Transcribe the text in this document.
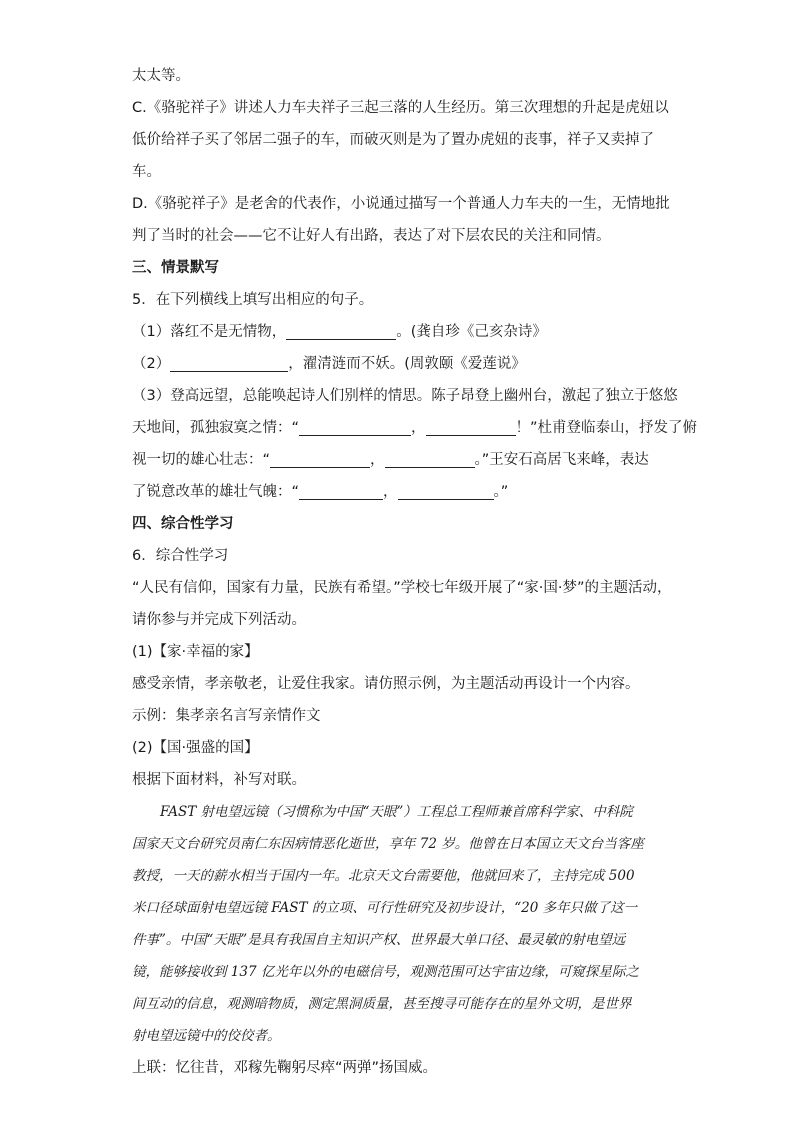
太太等。
C.《骆驼祥子》讲述人力车夫祥子三起三落的人生经历。第三次理想的升起是虎妞以
低价给祥子买了邻居二强子的车，而破灭则是为了置办虎妞的丧事，祥子又卖掉了
车。
D.《骆驼祥子》是老舍的代表作，小说通过描写一个普通人力车夫的一生，无情地批
判了当时的社会——它不让好人有出路，表达了对下层农民的关注和同情。
三、情景默写
5．在下列横线上填写出相应的句子。
（1）落红不是无情物，	。(龚自珍《己亥杂诗》
（2）	，濯清涟而不妖。(周敦颐《爱莲说》
（3）登高远望，总能唤起诗人们别样的情思。陈子昂登上幽州台，激起了独立于悠悠
天地间，孤独寂寞之情：“	，	！”杜甫登临泰山，抒发了俯
视一切的雄心壮志：“	，	。”王安石高居飞来峰，表达
了锐意改革的雄壮气魄：“	，	。”
四、综合性学习
6．综合性学习
“人民有信仰，国家有力量，民族有希望。”学校七年级开展了“家·国·梦”的主题活动，
请你参与并完成下列活动。
(1)【家·幸福的家】
感受亲情，孝亲敬老，让爱住我家。请仿照示例，为主题活动再设计一个内容。
示例：集孝亲名言写亲情作文
(2)【国·强盛的国】
根据下面材料，补写对联。
FAST 射电望远镜（习惯称为中国“天眼”）工程总工程师兼首席科学家、中科院
国家天文台研究员南仁东因病情恶化逝世，享年 72 岁。他曾在日本国立天文台当客座
教授，一天的薪水相当于国内一年。北京天文台需要他，他就回来了，主持完成 500
米口径球面射电望远镜 FAST 的立项、可行性研究及初步设计，“20 多年只做了这一
件事”。中国“天眼”是具有我国自主知识产权、世界最大单口径、最灵敏的射电望远
镜，能够接收到 137 亿光年以外的电磁信号，观测范围可达宇宙边缘，可窥探星际之
间互动的信息，观测暗物质，测定黑洞质量，甚至搜寻可能存在的星外文明，是世界
射电望远镜中的佼佼者。
上联：忆往昔，邓稼先鞠躬尽瘁“两弹”扬国威。
